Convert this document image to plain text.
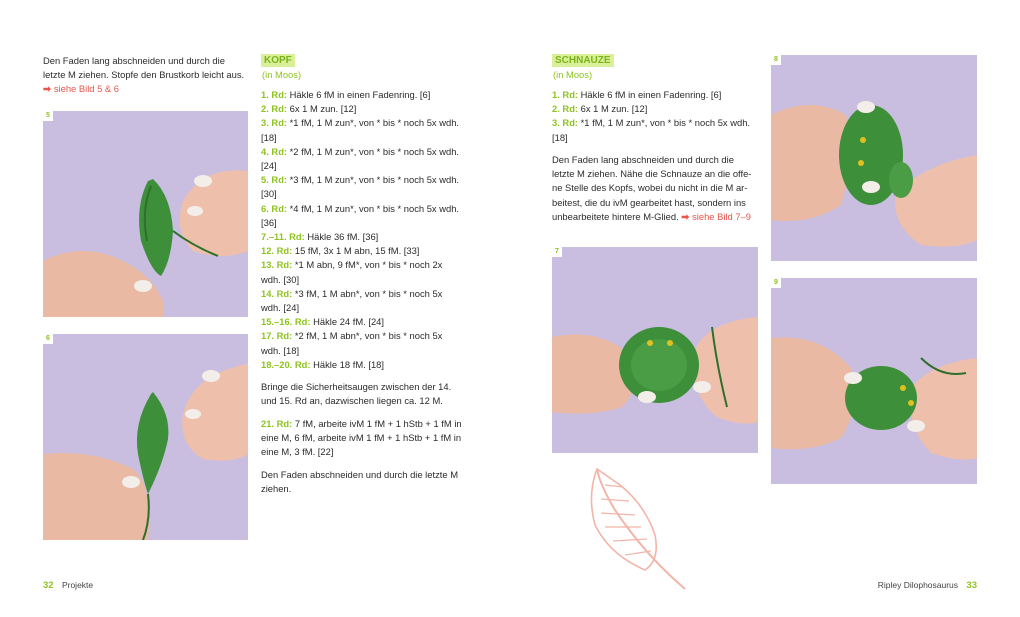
Den Faden lang abschneiden und durch die
letzte M ziehen. Stopfe den Brustkorb leicht aus.
➡ siehe Bild 5 & 6
5
6
KOPF
(in Moos)

1. Rd: Häkle 6 fM in einen Fadenring. [6]

2. Rd: 6x 1 M zun. [12]

3. Rd: *1 fM, 1 M zun*, von * bis * noch 5x wdh.

[18]

4. Rd: *2 fM, 1 M zun*, von * bis * noch 5x wdh.

[24]

5. Rd: *3 fM, 1 M zun*, von * bis * noch 5x wdh.

[30]

6. Rd: *4 fM, 1 M zun*, von * bis * noch 5x wdh.

[36]

7.–11. Rd: Häkle 36 fM. [36]

12. Rd: 15 fM, 3x 1 M abn, 15 fM. [33]

13. Rd: *1 M abn, 9 fM*, von * bis * noch 2x

wdh. [30]

14. Rd: *3 fM, 1 M abn*, von * bis * noch 5x

wdh. [24]

15.–16. Rd: Häkle 24 fM. [24]

17. Rd: *2 fM, 1 M abn*, von * bis * noch 5x

wdh. [18]

18.–20. Rd: Häkle 18 fM. [18]

Bringe die Sicherheitsaugen zwischen der 14.
und 15. Rd an, dazwischen liegen ca. 12 M.
21. Rd: 7 fM, arbeite ivM 1 fM + 1 hStb + 1 fM in
eine M, 6 fM, arbeite ivM 1 fM + 1 hStb + 1 fM in
eine M, 3 fM. [22]
Den Faden abschneiden und durch die letzte M
ziehen.
SCHNAUZE
(in Moos)

1. Rd: Häkle 6 fM in einen Fadenring. [6]

2. Rd: 6x 1 M zun. [12]

3. Rd: *1 fM, 1 M zun*, von * bis * noch 5x wdh.

[18]

Den Faden lang abschneiden und durch die
letzte M ziehen. Nähe die Schnauze an die offe-
ne Stelle des Kopfs, wobei du nicht in die M ar-
beitest, die du ivM gearbeitet hast, sondern ins
unbearbeitete hintere M-Glied. ➡ siehe Bild 7–9
7
8
9
32 Projekte	Ripley Dilophosaurus 33
